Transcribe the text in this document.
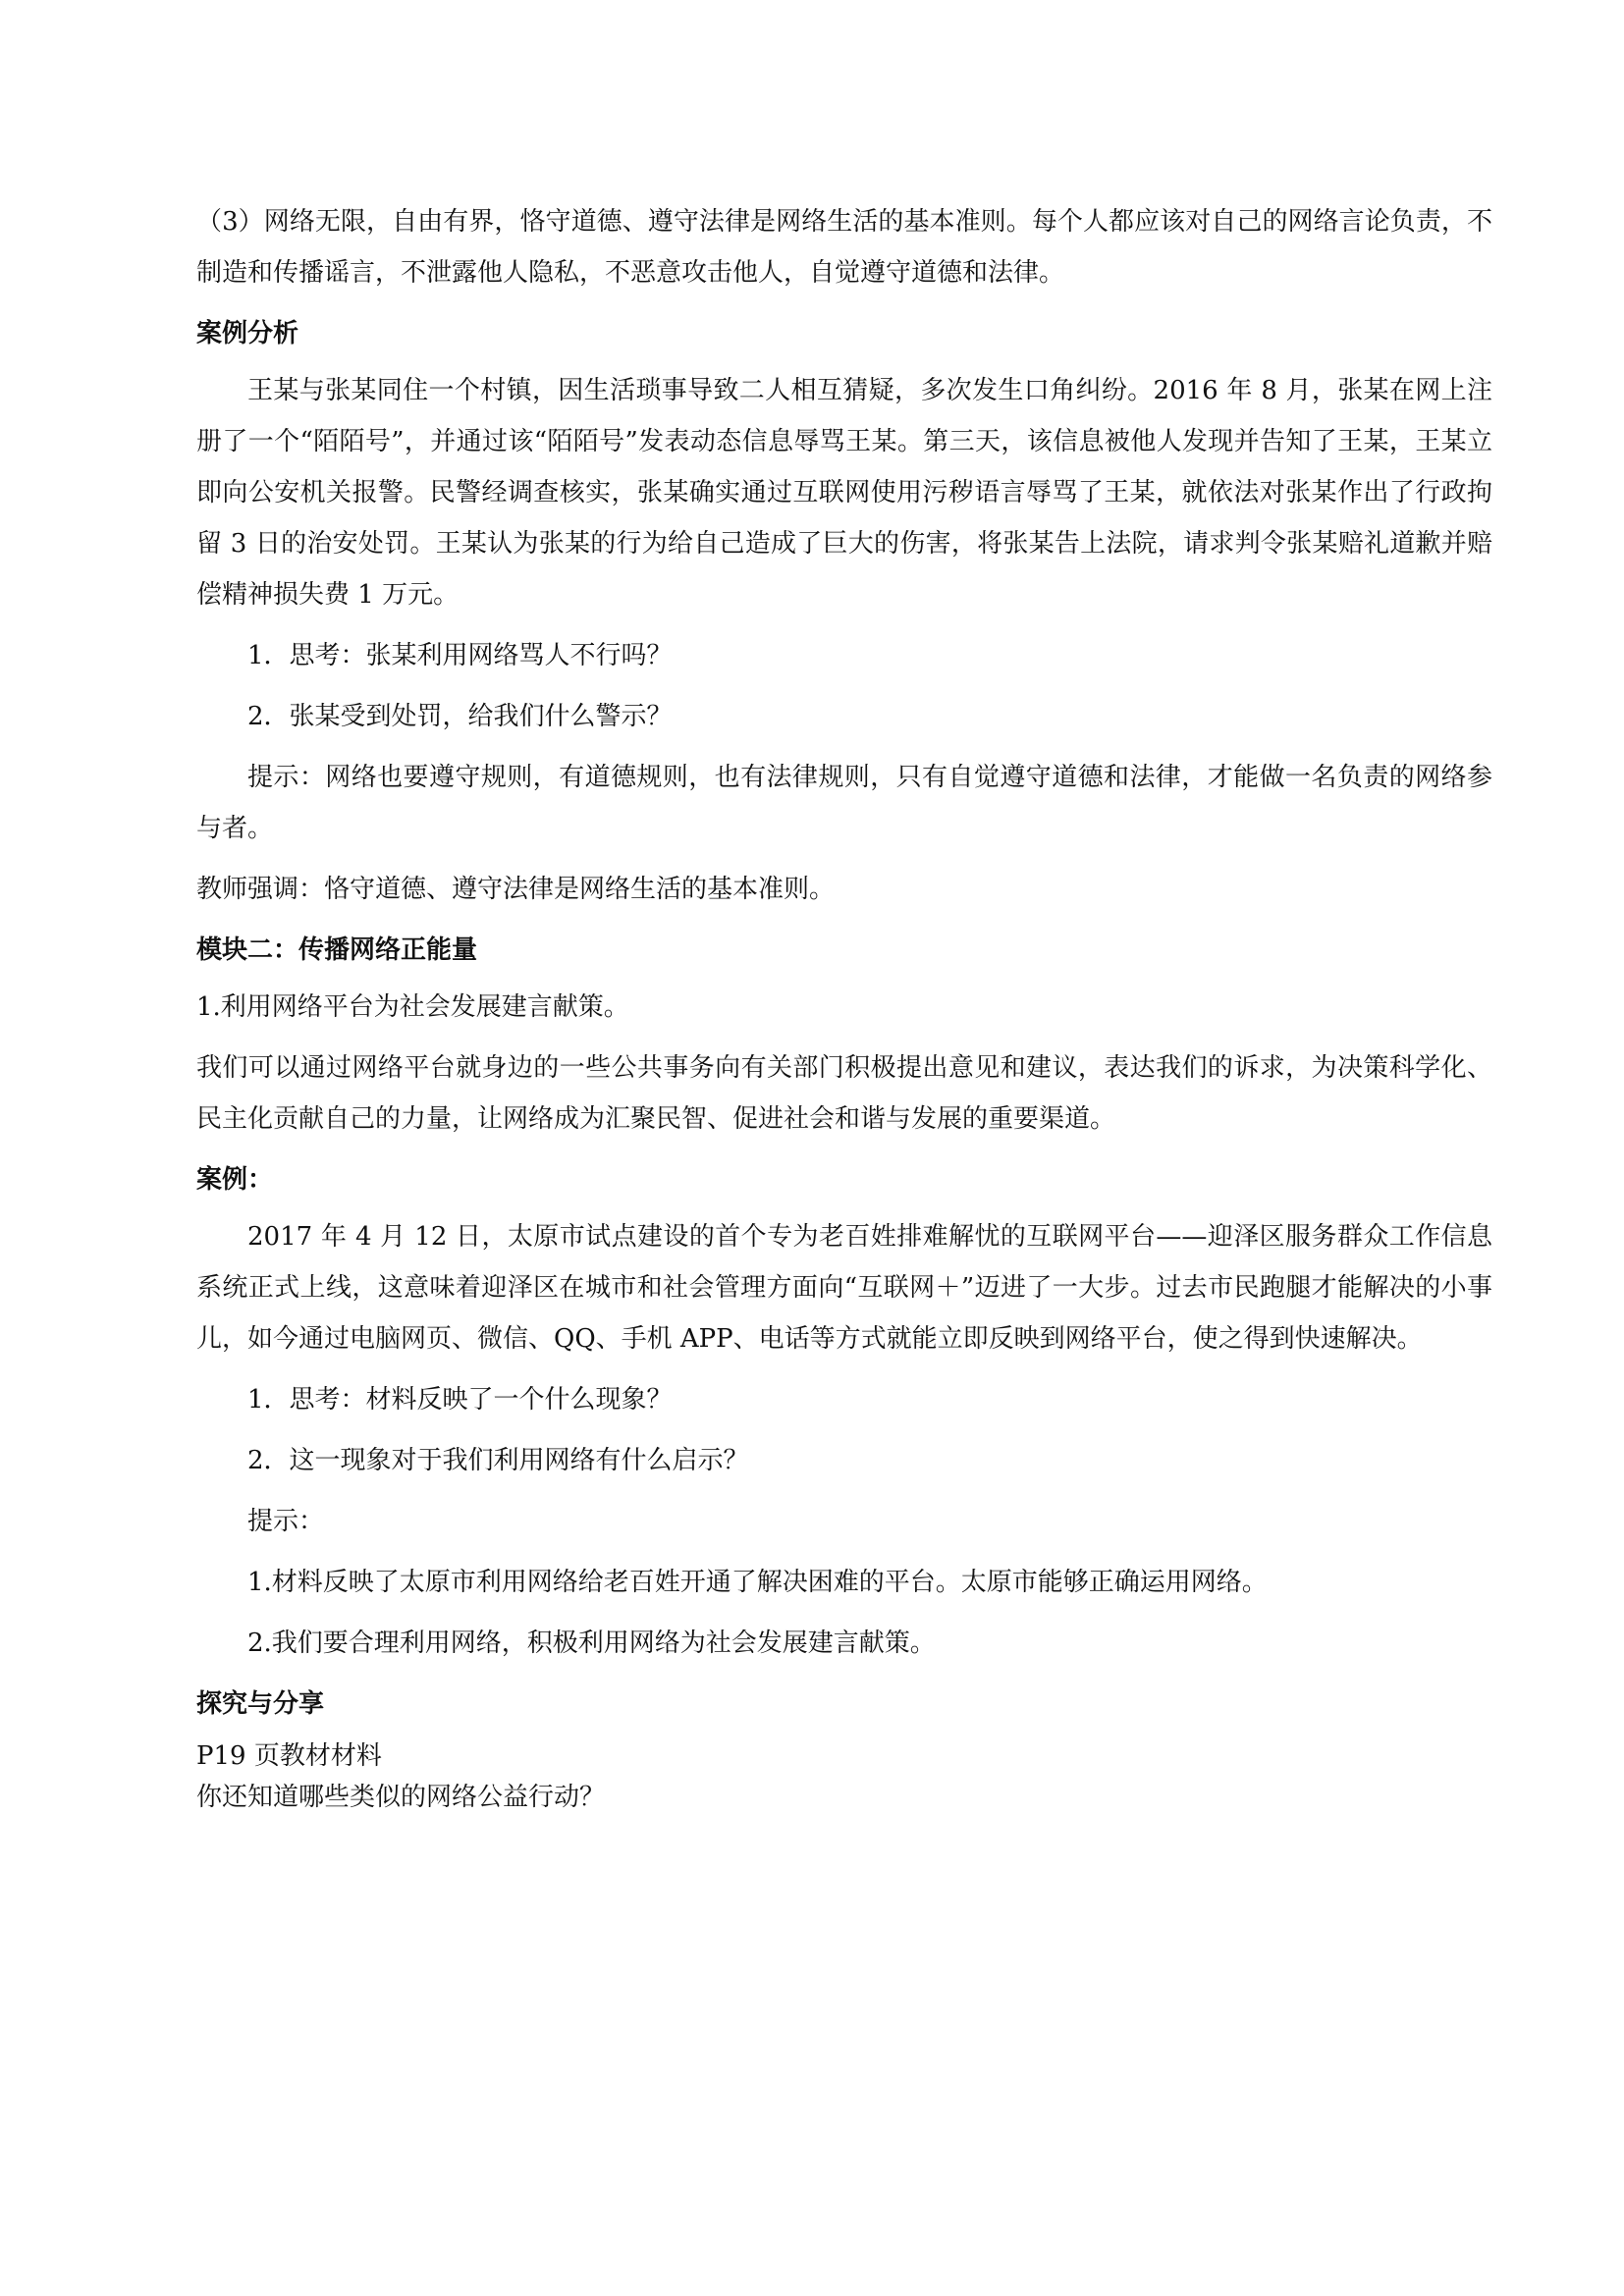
（3）网络无限，自由有界，恪守道德、遵守法律是网络生活的基本准则。每个人都应该对自己的网络言论负责，不制造和传播谣言，不泄露他人隐私，不恶意攻击他人，自觉遵守道德和法律。

案例分析

王某与张某同住一个村镇，因生活琐事导致二人相互猜疑，多次发生口角纠纷。2016 年 8 月，张某在网上注册了一个“陌陌号”，并通过该“陌陌号”发表动态信息辱骂王某。第三天，该信息被他人发现并告知了王某，王某立即向公安机关报警。民警经调查核实，张某确实通过互联网使用污秽语言辱骂了王某，就依法对张某作出了行政拘留 3 日的治安处罚。王某认为张某的行为给自己造成了巨大的伤害，将张某告上法院，请求判令张某赔礼道歉并赔偿精神损失费 1 万元。

1．思考：张某利用网络骂人不行吗？

2．张某受到处罚，给我们什么警示？

提示：网络也要遵守规则，有道德规则，也有法律规则，只有自觉遵守道德和法律，才能做一名负责的网络参与者。

教师强调：恪守道德、遵守法律是网络生活的基本准则。

模块二：传播网络正能量

1.利用网络平台为社会发展建言献策。

我们可以通过网络平台就身边的一些公共事务向有关部门积极提出意见和建议，表达我们的诉求，为决策科学化、民主化贡献自己的力量，让网络成为汇聚民智、促进社会和谐与发展的重要渠道。

案例：

2017 年 4 月 12 日，太原市试点建设的首个专为老百姓排难解忧的互联网平台——迎泽区服务群众工作信息系统正式上线，这意味着迎泽区在城市和社会管理方面向“互联网＋”迈进了一大步。过去市民跑腿才能解决的小事儿，如今通过电脑网页、微信、QQ、手机 APP、电话等方式就能立即反映到网络平台，使之得到快速解决。

1．思考：材料反映了一个什么现象？

2．这一现象对于我们利用网络有什么启示？

提示：

1.材料反映了太原市利用网络给老百姓开通了解决困难的平台。太原市能够正确运用网络。

2.我们要合理利用网络，积极利用网络为社会发展建言献策。

探究与分享

P19 页教材材料

你还知道哪些类似的网络公益行动？
